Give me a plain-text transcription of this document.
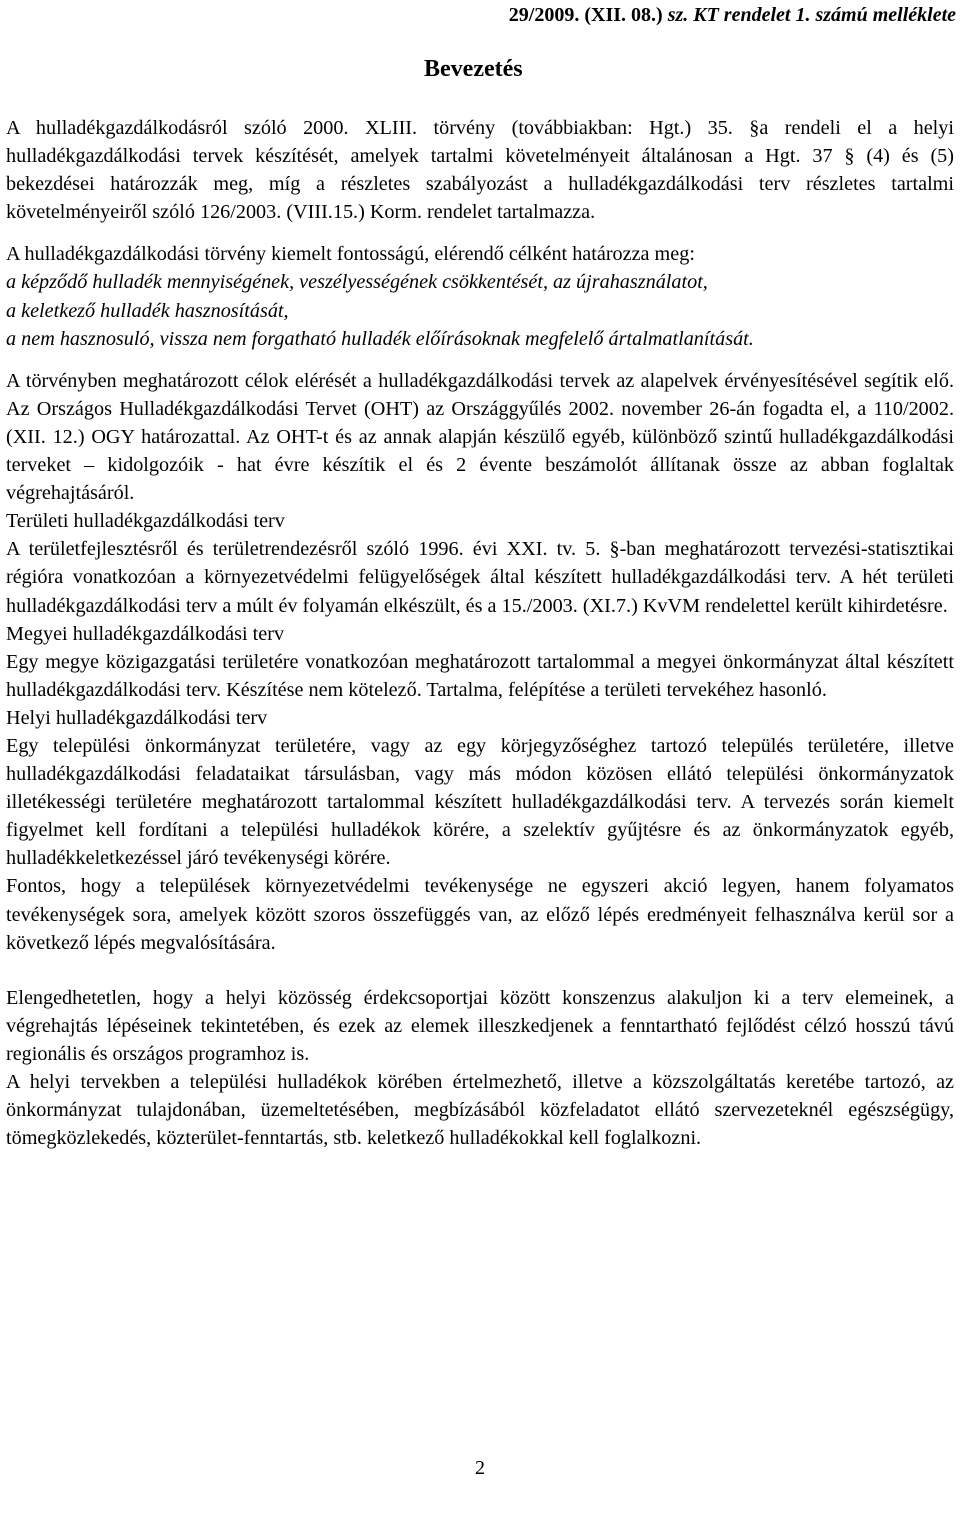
29/2009. (XII. 08.) sz. KT rendelet 1. számú melléklete
Bevezetés

A hulladékgazdálkodásról szóló 2000. XLIII. törvény (továbbiakban: Hgt.) 35. §a rendeli el a helyi hulladékgazdálkodási tervek készítését, amelyek tartalmi követelményeit általánosan a Hgt. 37 § (4) és (5) bekezdései határozzák meg, míg a részletes szabályozást a hulladékgazdálkodási terv részletes tartalmi követelményeiről szóló 126/2003. (VIII.15.) Korm. rendelet tartalmazza.

A hulladékgazdálkodási törvény kiemelt fontosságú, elérendő célként határozza meg:

a képződő hulladék mennyiségének, veszélyességének csökkentését, az újrahasználatot,

a keletkező hulladék hasznosítását,

a nem hasznosuló, vissza nem forgatható hulladék előírásoknak megfelelő ártalmatlanítását.

A törvényben meghatározott célok elérését a hulladékgazdálkodási tervek az alapelvek érvényesítésével segítik elő. Az Országos Hulladékgazdálkodási Tervet (OHT) az Országgyűlés 2002. november 26-án fogadta el, a 110/2002. (XII. 12.) OGY határozattal. Az OHT-t és az annak alapján készülő egyéb, különböző szintű hulladékgazdálkodási terveket – kidolgozóik - hat évre készítik el és 2 évente beszámolót állítanak össze az abban foglaltak végrehajtásáról.

Területi hulladékgazdálkodási terv

A területfejlesztésről és területrendezésről szóló 1996. évi XXI. tv. 5. §-ban meghatározott tervezési-statisztikai régióra vonatkozóan a környezetvédelmi felügyelőségek által készített hulladékgazdálkodási terv. A hét területi hulladékgazdálkodási terv a múlt év folyamán elkészült, és a 15./2003. (XI.7.) KvVM rendelettel került kihirdetésre.

Megyei hulladékgazdálkodási terv

Egy megye közigazgatási területére vonatkozóan meghatározott tartalommal a megyei önkormányzat által készített hulladékgazdálkodási terv. Készítése nem kötelező. Tartalma, felépítése a területi tervekéhez hasonló.

Helyi hulladékgazdálkodási terv

Egy települési önkormányzat területére, vagy az egy körjegyzőséghez tartozó település területére, illetve hulladékgazdálkodási feladataikat társulásban, vagy más módon közösen ellátó települési önkormányzatok illetékességi területére meghatározott tartalommal készített hulladékgazdálkodási terv. A tervezés során kiemelt figyelmet kell fordítani a települési hulladékok körére, a szelektív gyűjtésre és az önkormányzatok egyéb, hulladékkeletkezéssel járó tevékenységi körére.

Fontos, hogy a települések környezetvédelmi tevékenysége ne egyszeri akció legyen, hanem folyamatos tevékenységek sora, amelyek között szoros összefüggés van, az előző lépés eredményeit felhasználva kerül sor a következő lépés megvalósítására.

Elengedhetetlen, hogy a helyi közösség érdekcsoportjai között konszenzus alakuljon ki a terv elemeinek, a végrehajtás lépéseinek tekintetében, és ezek az elemek illeszkedjenek a fenntartható fejlődést célzó hosszú távú regionális és országos programhoz is.

A helyi tervekben a települési hulladékok körében értelmezhető, illetve a közszolgáltatás keretébe tartozó, az önkormányzat tulajdonában, üzemeltetésében, megbízásából közfeladatot ellátó szervezeteknél egészségügy, tömegközlekedés, közterület-fenntartás, stb. keletkező hulladékokkal kell foglalkozni.

2
